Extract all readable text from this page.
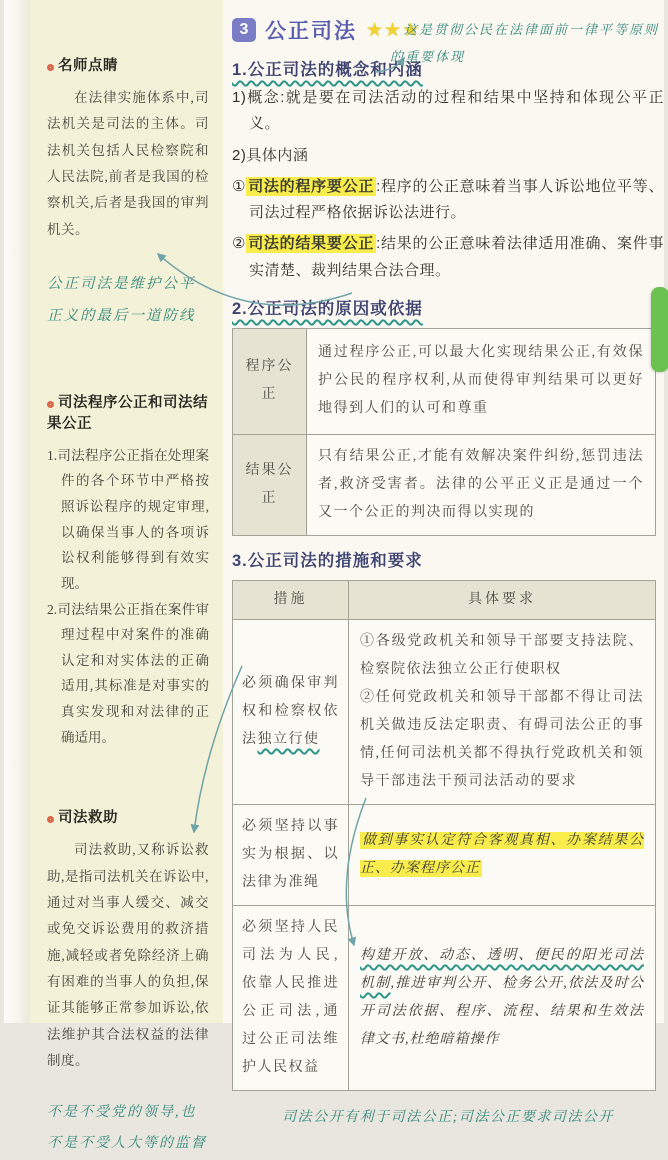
名师点睛

在法律实施体系中,司法机关是司法的主体。司法机关包括人民检察院和人民法院,前者是我国的检察机关,后者是我国的审判机关。

公正司法是维护公平正义的最后一道防线
司法程序公正和司法结果公正

1.司法程序公正指在处理案件的各个环节中严格按照诉讼程序的规定审理,以确保当事人的各项诉讼权利能够得到有效实现。

2.司法结果公正指在案件审理过程中对案件的准确认定和对实体法的正确适用,其标准是对事实的真实发现和对法律的正确适用。

司法救助

司法救助,又称诉讼救助,是指司法机关在诉讼中,通过对当事人缓交、减交或免交诉讼费用的救济措施,减轻或者免除经济上确有困难的当事人的负担,保证其能够正常参加诉讼,依法维护其合法权益的法律制度。

不是不受党的领导,也不是不受人大等的监督
3 公正司法 ★★★
这是贯彻公民在法律面前一律平等原则
的重要体现
1.公正司法的概念和内涵

1)概念:就是要在司法活动的过程和结果中坚持和体现公平正义。

2)具体内涵

① 司法的程序要公正 :程序的公正意味着当事人诉讼地位平等、司法过程严格依据诉讼法进行。

② 司法的结果要公正 :结果的公正意味着法律适用准确、案件事实清楚、裁判结果合法合理。

2.公正司法的原因或依据
程序公正	通过程序公正,可以最大化实现结果公正,有效保护公民的程序权利,从而使得审判结果可以更好地得到人们的认可和尊重
结果公正	只有结果公正,才能有效解决案件纠纷,惩罚违法者,救济受害者。法律的公平正义正是通过一个又一个公正的判决而得以实现的
3.公正司法的措施和要求
措施	具体要求
必须确保审判权和检察权依法独立行使	①各级党政机关和领导干部要支持法院、检察院依法独立公正行使职权
②任何党政机关和领导干部都不得让司法机关做违反法定职责、有碍司法公正的事情,任何司法机关都不得执行党政机关和领导干部违法干预司法活动的要求

必须坚持以事实为根据、以法律为准绳	做到事实认定符合客观真相、办案结果公正、办案程序公正
必须坚持人民司法为人民,依靠人民推进公正司法,通过公正司法维护人民权益	构建开放、动态、透明、便民的阳光司法机制,推进审判公开、检务公开,依法及时公开司法依据、程序、流程、结果和生效法律文书,杜绝暗箱操作
司法公开有利于司法公正;司法公正要求司法公开
